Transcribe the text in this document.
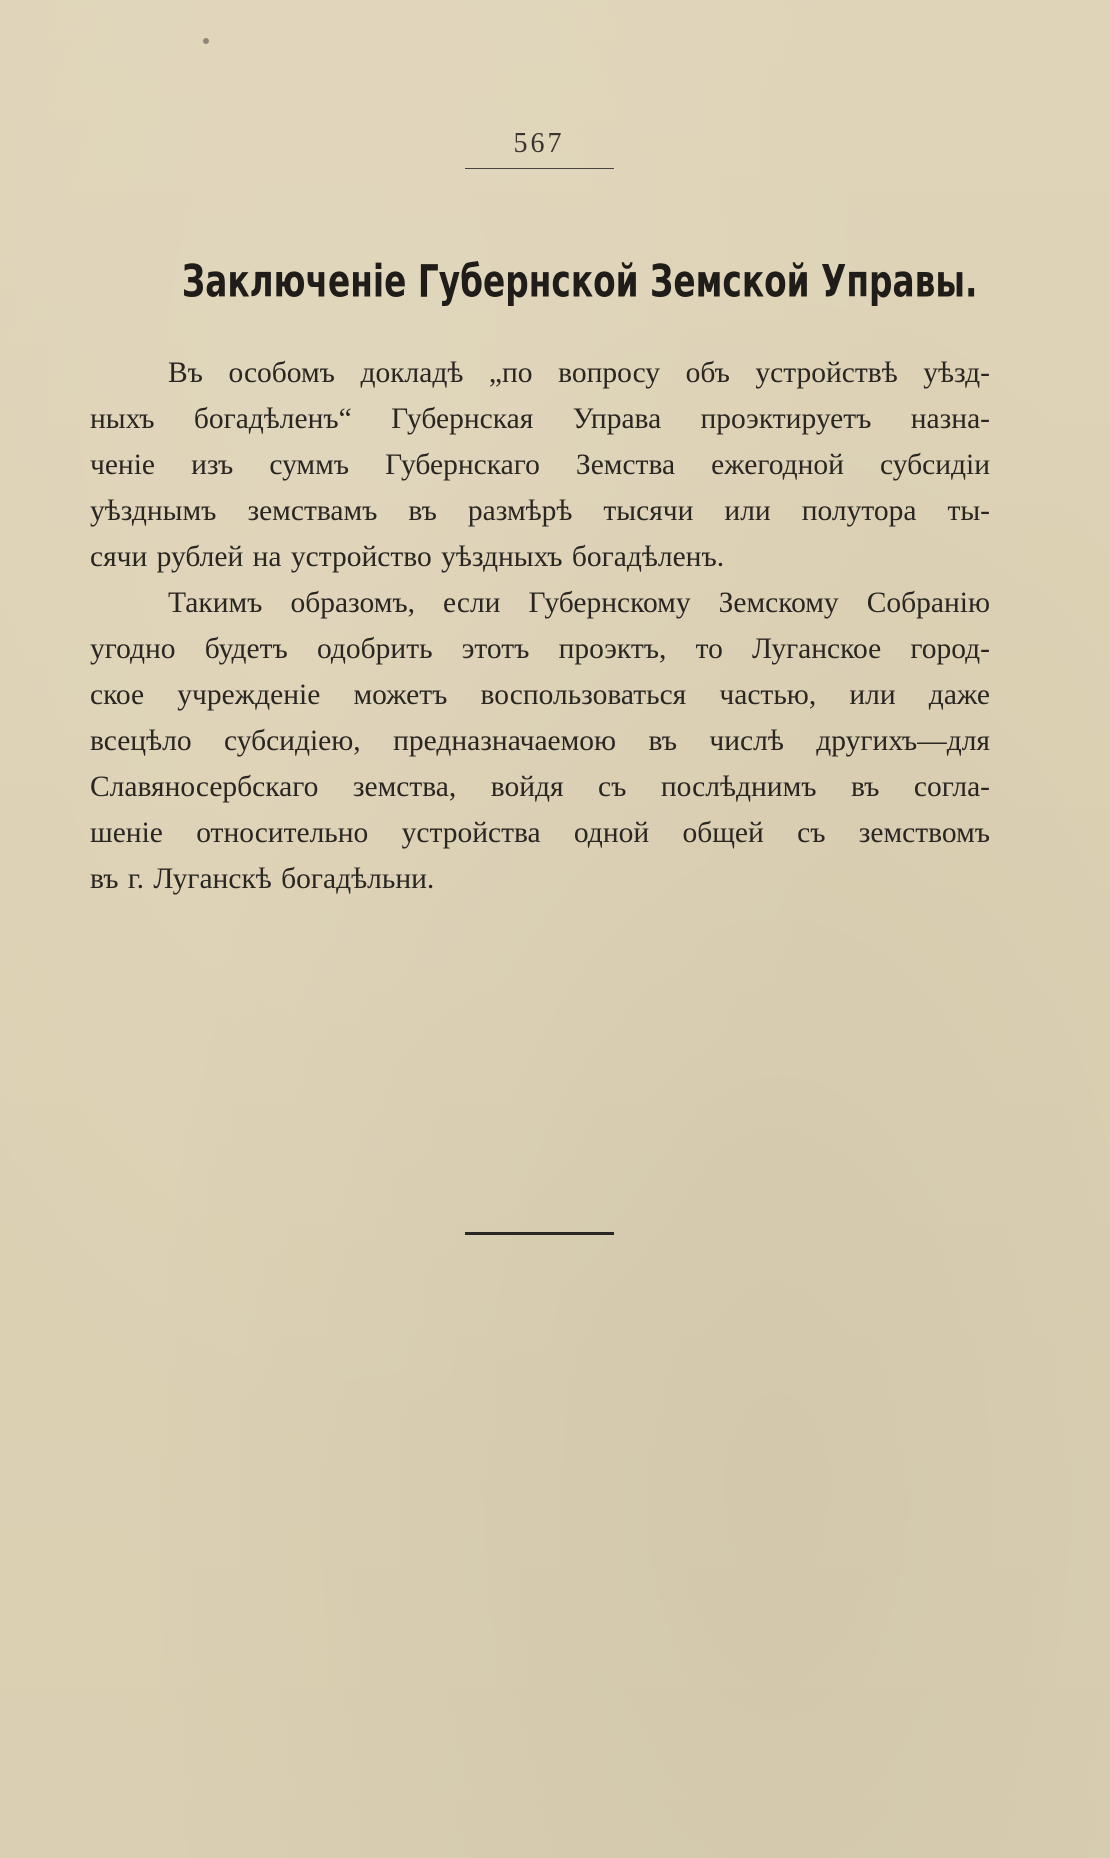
567
Заключеніе Губернской Земской Управы.

Въ особомъ докладѣ „по вопросу объ устройствѣ уѣзд-
ныхъ богадѣленъ“ Губернская Управа проэктируетъ назна-
ченіе изъ суммъ Губернскаго Земства ежегодной субсидіи
уѣзднымъ земствамъ въ размѣрѣ тысячи или полутора ты-
сячи рублей на устройство уѣздныхъ богадѣленъ.

Такимъ образомъ, если Губернскому Земскому Собранію
угодно будетъ одобрить этотъ проэктъ, то Луганское город-
ское учрежденіе можетъ воспользоваться частью, или даже
всецѣло субсидіею, предназначаемою въ числѣ другихъ—для
Славяносербскаго земства, войдя съ послѣднимъ въ согла-
шеніе относительно устройства одной общей съ земствомъ
въ г. Луганскѣ богадѣльни.
